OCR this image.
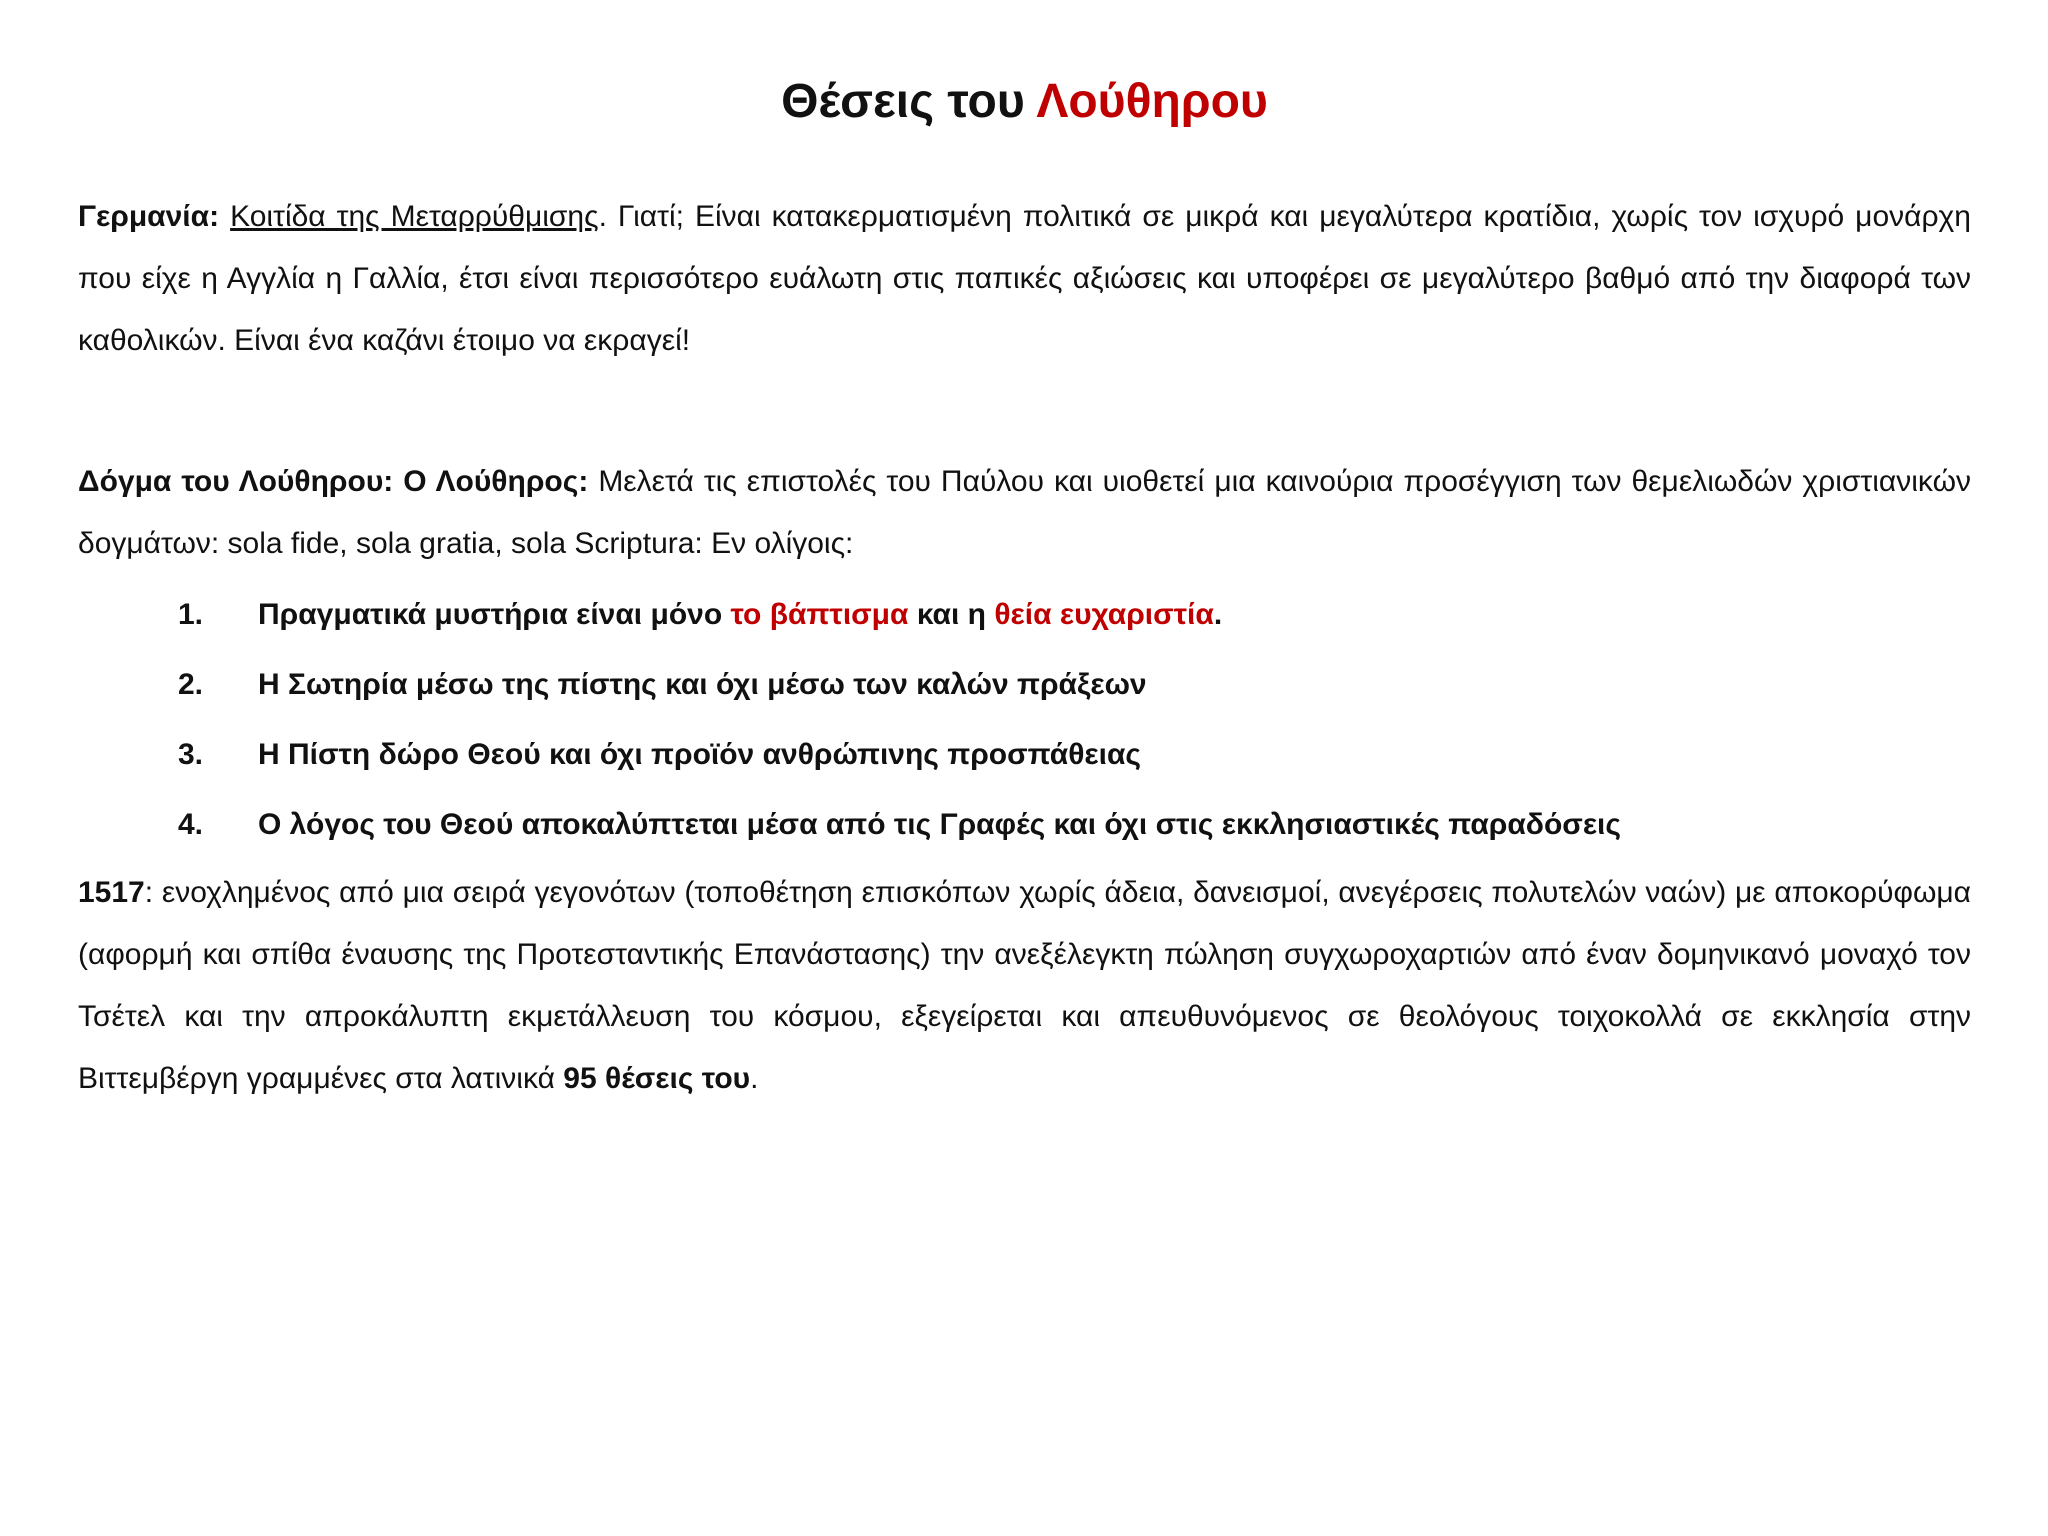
Θέσεις του Λούθηρου

Γερμανία: Κοιτίδα της Μεταρρύθμισης. Γιατί; Είναι κατακερματισμένη πολιτικά σε μικρά και μεγαλύτερα κρατίδια, χωρίς τον ισχυρό μονάρχη που είχε η Αγγλία η Γαλλία, έτσι είναι περισσότερο ευάλωτη στις παπικές αξιώσεις και υποφέρει σε μεγαλύτερο βαθμό από την διαφορά των καθολικών. Είναι ένα καζάνι έτοιμο να εκραγεί!

Δόγμα του Λούθηρου: Ο Λούθηρος: Μελετά τις επιστολές του Παύλου και υιοθετεί μια καινούρια προσέγγιση των θεμελιωδών χριστιανικών δογμάτων: sola fide, sola gratia, sola Scriptura: Εν ολίγοις:

1. Πραγματικά μυστήρια είναι μόνο το βάπτισμα και η θεία ευχαριστία.
2. Η Σωτηρία μέσω της πίστης και όχι μέσω των καλών πράξεων
3. Η Πίστη δώρο Θεού και όχι προϊόν ανθρώπινης προσπάθειας
4. Ο λόγος του Θεού αποκαλύπτεται μέσα από τις Γραφές και όχι στις εκκλησιαστικές παραδόσεις

1517: ενοχλημένος από μια σειρά γεγονότων (τοποθέτηση επισκόπων χωρίς άδεια, δανεισμοί, ανεγέρσεις πολυτελών ναών) με αποκορύφωμα (αφορμή και σπίθα έναυσης της Προτεσταντικής Επανάστασης) την ανεξέλεγκτη πώληση συγχωροχαρτιών από έναν δομηνικανό μοναχό τον Τσέτελ και την απροκάλυπτη εκμετάλλευση του κόσμου, εξεγείρεται και απευθυνόμενος σε θεολόγους τοιχοκολλά σε εκκλησία στην Βιττεμβέργη γραμμένες στα λατινικά 95 θέσεις του.
